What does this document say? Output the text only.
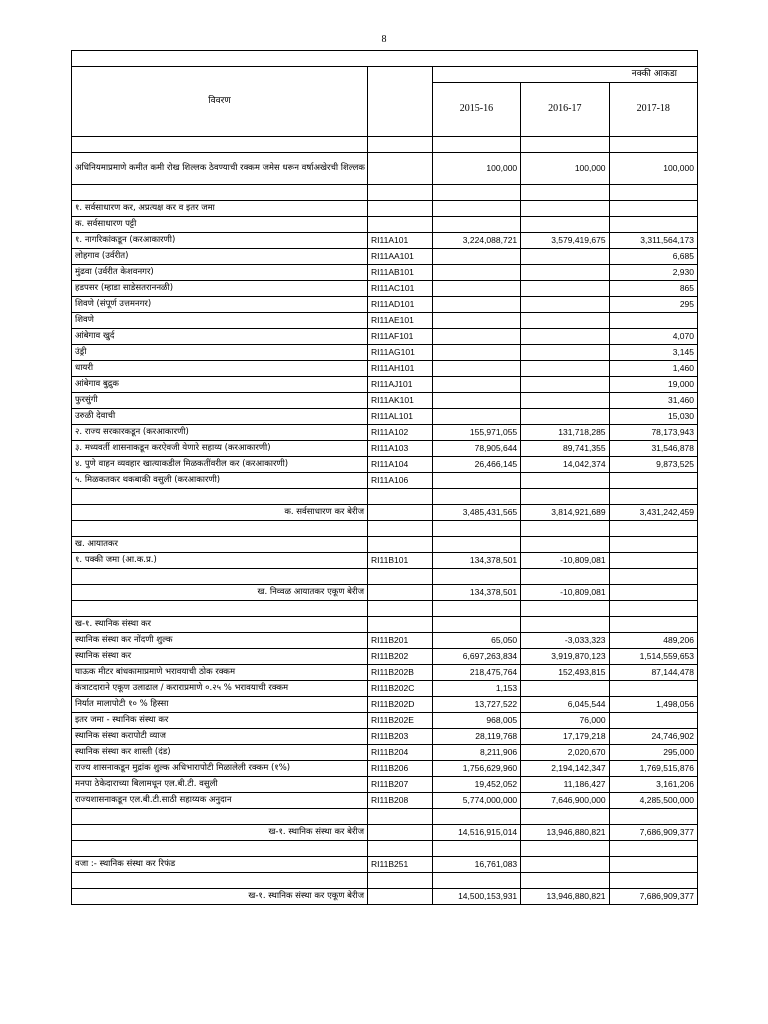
8

विवरण		नक्की आकडा		
		2015-16	2016-17	2017-18

अधिनियमाप्रमाणे कमीत कमी रोख शिल्लक ठेवण्याची रक्कम जमेस धरून वर्षाअखेरची शिल्लक		100,000	100,000	100,000

१. सर्वसाधारण कर, अप्रत्यक्ष कर व इतर जमा				
क. सर्वसाधारण पट्टी				
१. नागरिकांकडून (करआकारणी)	RI11A101	3,224,088,721	3,579,419,675	3,311,564,173
लोहगाव (उर्वरीत)	RI11AA101			6,685
मुंढवा (उर्वरीत केशवनगर)	RI11AB101			2,930
हडपसर (म्हाडा साडेसतराननळी)	RI11AC101			865
शिवणे (संपूर्ण उत्तमनगर)	RI11AD101			295
शिवणे	RI11AE101			
आंबेगाव खुर्द	RI11AF101			4,070
उंड्री	RI11AG101			3,145
धायरी	RI11AH101			1,460
आंबेगाव बुद्रुक	RI11AJ101			19,000
फुरसुंगी	RI11AK101			31,460
उरुळी देवाची	RI11AL101			15,030
२. राज्य सरकारकडून (करआकारणी)	RI11A102	155,971,055	131,718,285	78,173,943
३. मध्यवर्ती शासनाकडून करऐवजी येणारे सहाय्य (करआकारणी)	RI11A103	78,905,644	89,741,355	31,546,878
४. पुणे वाहन व्यवहार खात्याकडील मिळकतींवरील कर (करआकारणी)	RI11A104	26,466,145	14,042,374	9,873,525
५. मिळकतकर थकबाकी वसुली (करआकारणी)	RI11A106			

क. सर्वसाधारण कर बेरीज		3,485,431,565	3,814,921,689	3,431,242,459

ख. आयातकर				
१. पक्की जमा (आ.क.प्र.)	RI11B101	134,378,501	-10,809,081	

ख. निव्वळ आयातकर एकूण बेरीज		134,378,501	-10,809,081	

ख-१. स्थानिक संस्था कर				
स्थानिक संस्था कर नोंदणी शुल्क	RI11B201	65,050	-3,033,323	489,206
स्थानिक संस्था कर	RI11B202	6,697,263,834	3,919,870,123	1,514,559,653
घाऊक मीटर बांधकामाप्रमाणे भरावयाची ठोक रक्कम	RI11B202B	218,475,764	152,493,815	87,144,478
कंत्राटदाराने एकूण उलाढाल / कराराप्रमाणे ०.२५ % भरावयाची रक्कम	RI11B202C	1,153		
निर्यात मालापोटी १० % हिस्सा	RI11B202D	13,727,522	6,045,544	1,498,056
इतर जमा - स्थानिक संस्था कर	RI11B202E	968,005	76,000	
स्थानिक संस्था करापोटी व्याज	RI11B203	28,119,768	17,179,218	24,746,902
स्थानिक संस्था कर शास्ती (दंड)	RI11B204	8,211,906	2,020,670	295,000
राज्य शासनाकडून मुद्रांक शुल्क अधिभारापोटी मिळालेली रक्कम (१%)	RI11B206	1,756,629,960	2,194,142,347	1,769,515,876
मनपा ठेकेदाराच्या बिलामधून एल.बी.टी. वसुली	RI11B207	19,452,052	11,186,427	3,161,206
राज्यशासनाकडून एल.बी.टी.साठी सहाय्यक अनुदान	RI11B208	5,774,000,000	7,646,900,000	4,285,500,000

ख-१. स्थानिक संस्था कर बेरीज		14,516,915,014	13,946,880,821	7,686,909,377

वजा :- स्थानिक संस्था कर रिफंड	RI11B251	16,761,083		

ख-१. स्थानिक संस्था कर एकूण बेरीज		14,500,153,931	13,946,880,821	7,686,909,377
